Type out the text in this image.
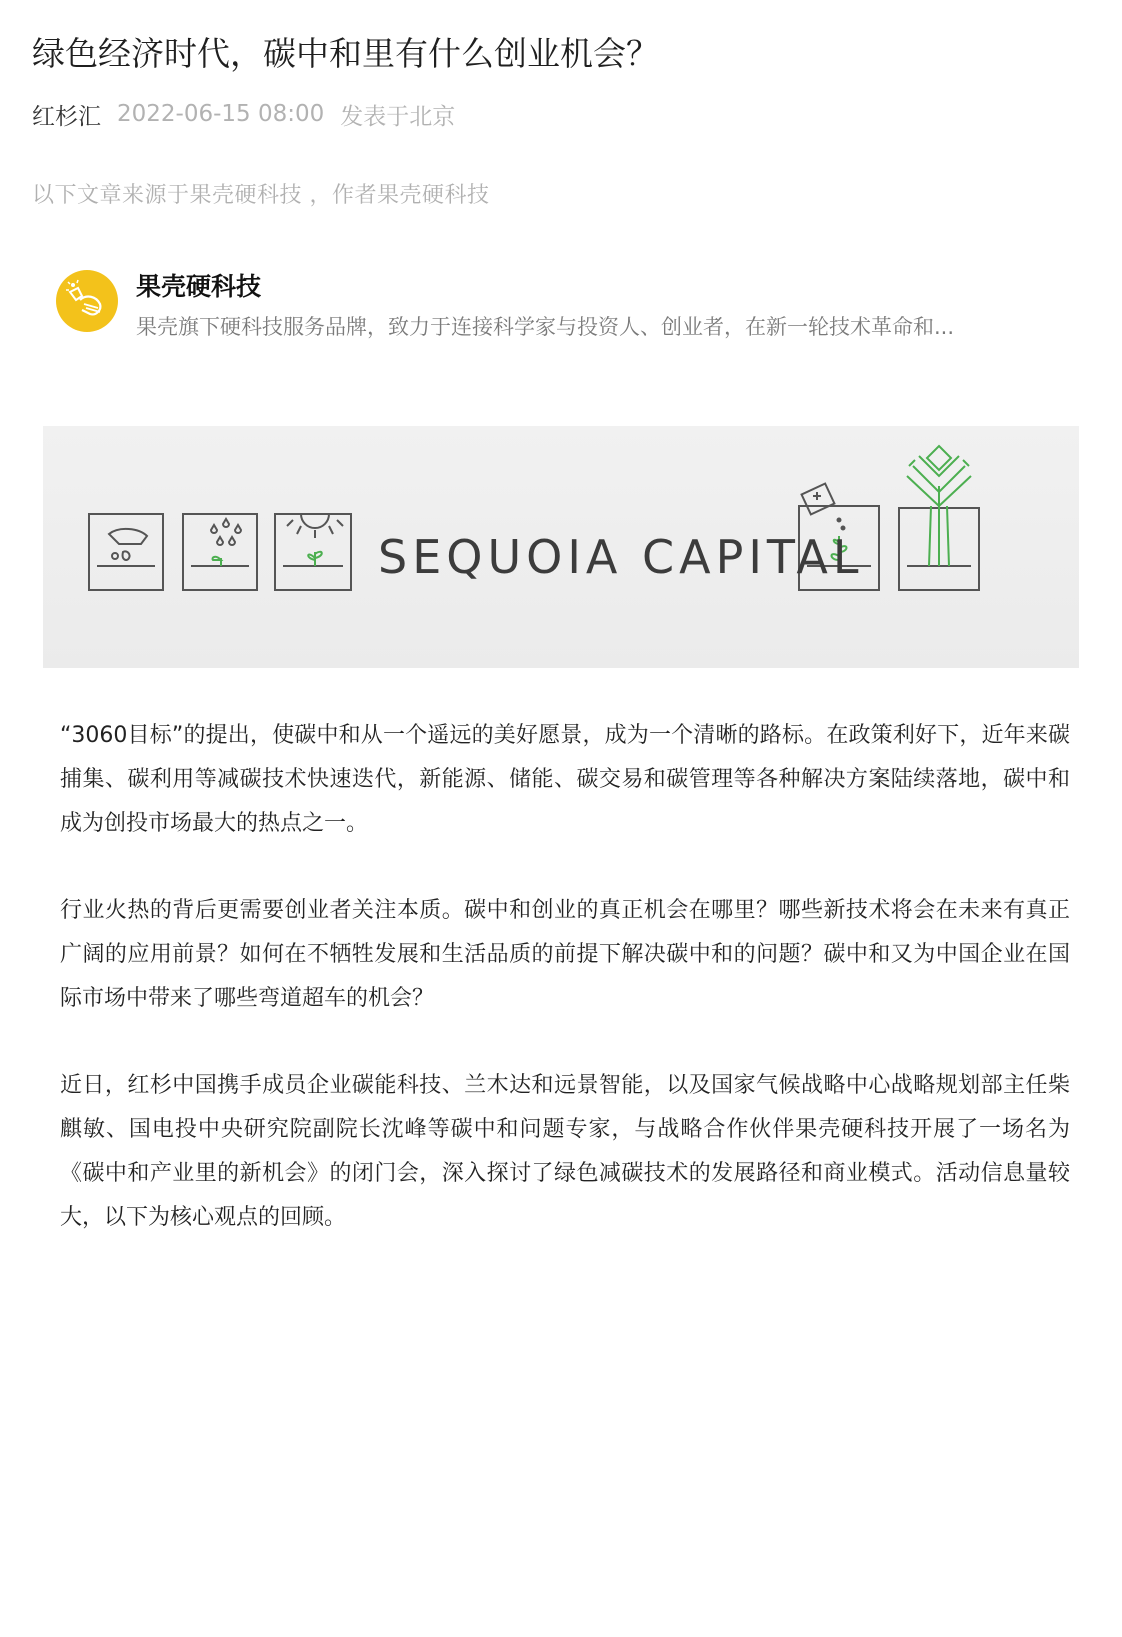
绿色经济时代，碳中和里有什么创业机会？
红杉汇 2022-06-15 08:00 发表于北京
以下文章来源于果壳硬科技 ，作者果壳硬科技
果壳硬科技
果壳旗下硬科技服务品牌，致力于连接科学家与投资人、创业者，在新一轮技术革命和...
SEQUOIA CAPITAL

“3060目标”的提出，使碳中和从一个遥远的美好愿景，成为一个清晰的路标。在政策利好下，近年来碳捕集、碳利用等减碳技术快速迭代，新能源、储能、碳交易和碳管理等各种解决方案陆续落地，碳中和成为创投市场最大的热点之一。

行业火热的背后更需要创业者关注本质。碳中和创业的真正机会在哪里？哪些新技术将会在未来有真正广阔的应用前景？如何在不牺牲发展和生活品质的前提下解决碳中和的问题？碳中和又为中国企业在国际市场中带来了哪些弯道超车的机会？

近日，红杉中国携手成员企业碳能科技、兰木达和远景智能，以及国家气候战略中心战略规划部主任柴麒敏、国电投中央研究院副院长沈峰等碳中和问题专家，与战略合作伙伴果壳硬科技开展了一场名为《碳中和产业里的新机会》的闭门会，深入探讨了绿色减碳技术的发展路径和商业模式。活动信息量较大，以下为核心观点的回顾。
